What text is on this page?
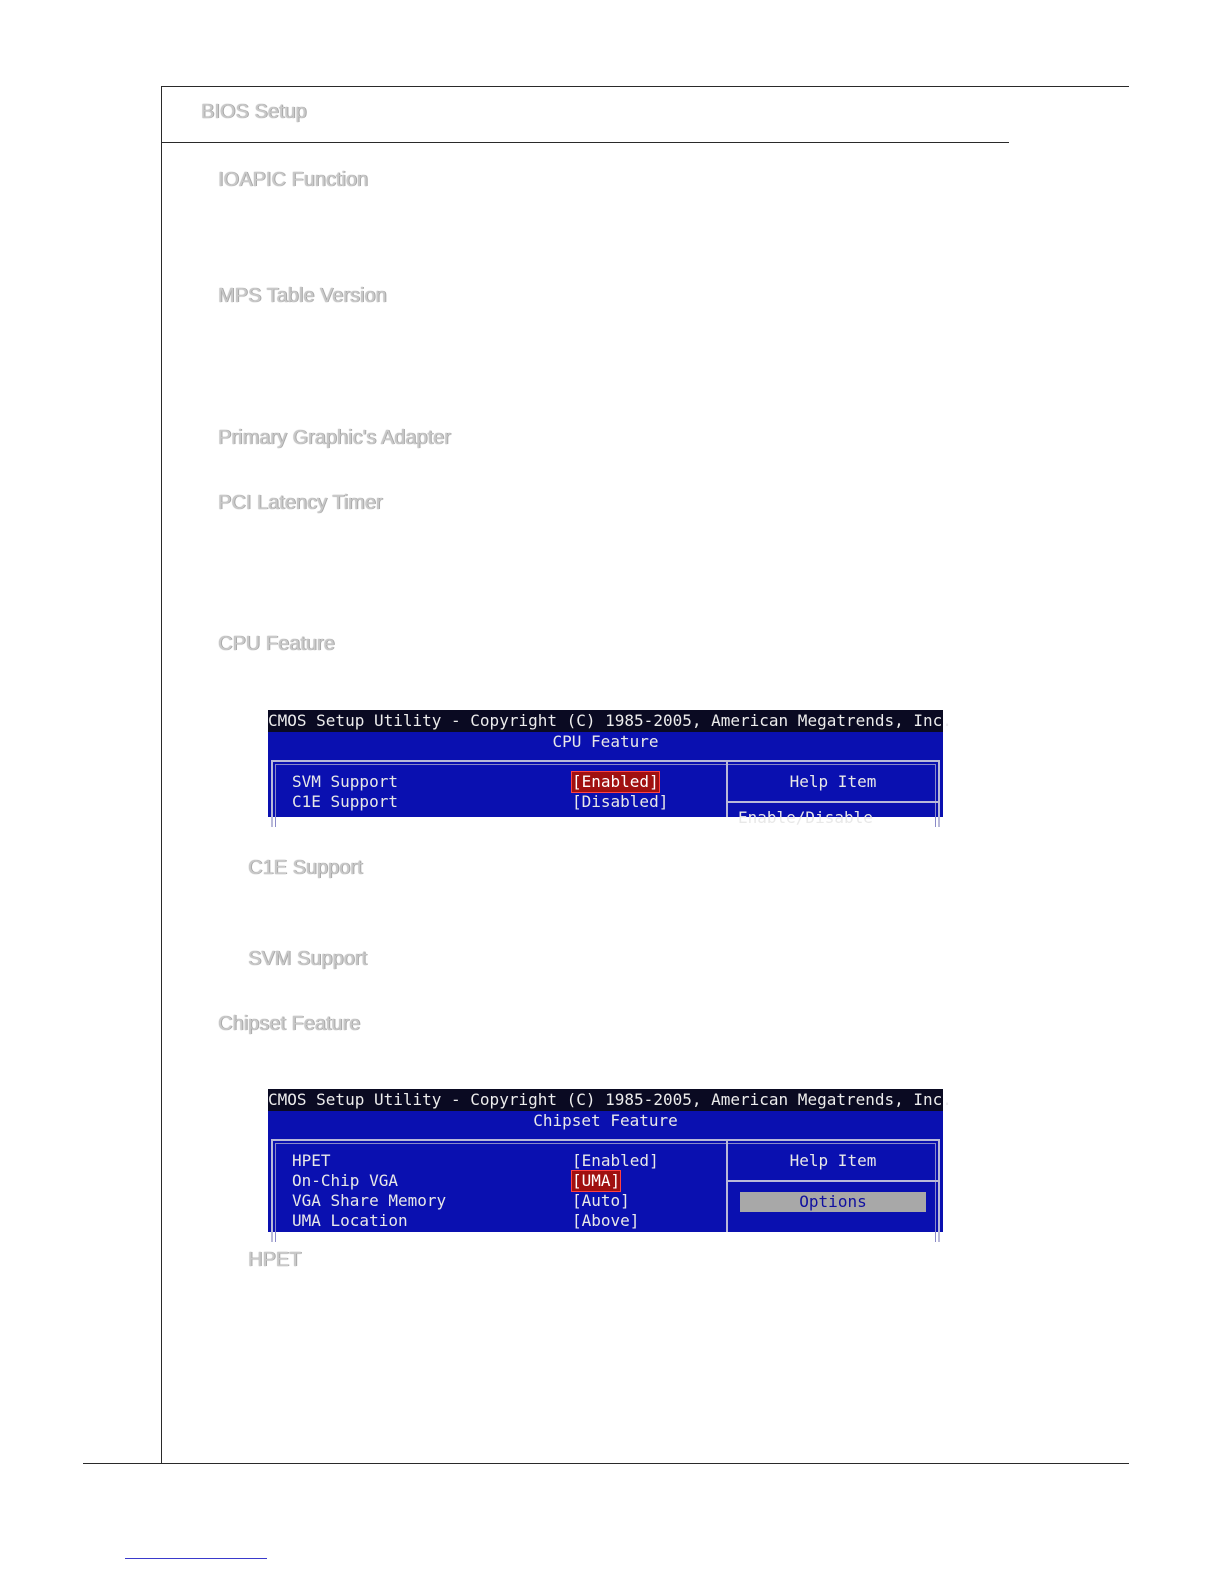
BIOS Setup
IOAPIC Function
MPS Table Version
Primary Graphic's Adapter
PCI Latency Timer
CPU Feature
CMOS Setup Utility - Copyright (C) 1985-2005, American Megatrends, Inc.
CPU Feature
SVM Support	[Enabled]
C1E Support	[Disabled]
Help Item
Enable/Disable
C1E Support
SVM Support
Chipset Feature
CMOS Setup Utility - Copyright (C) 1985-2005, American Megatrends, Inc.
Chipset Feature
HPET	[Enabled]
On-Chip VGA	[UMA]
VGA Share Memory	[Auto]
UMA Location	[Above]
Help Item
Options
HPET
